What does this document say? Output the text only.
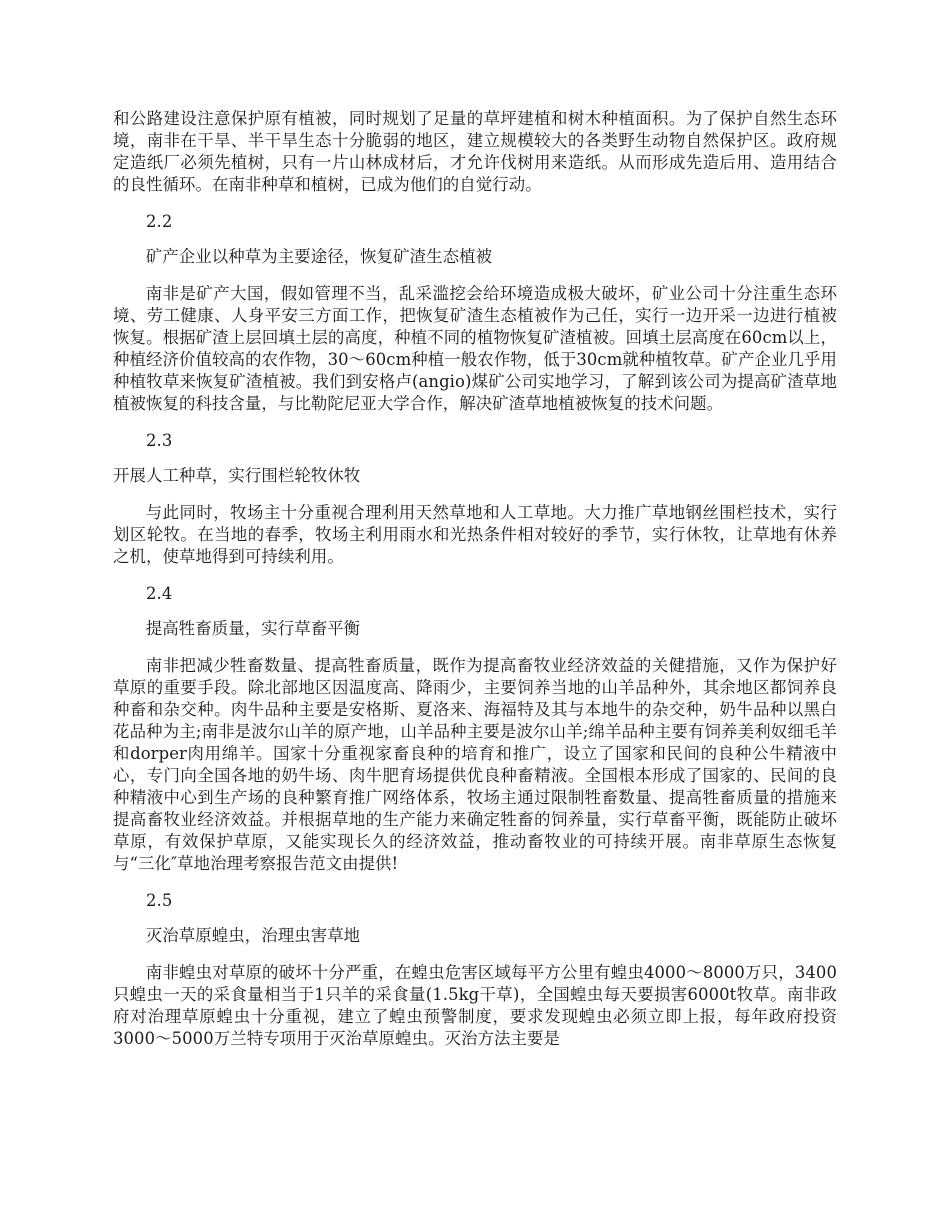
和公路建设注意保护原有植被，同时规划了足量的草坪建植和树木种植面积。为了保护自然生态环境，南非在干旱、半干旱生态十分脆弱的地区，建立规模较大的各类野生动物自然保护区。政府规定造纸厂必须先植树，只有一片山林成材后，才允许伐树用来造纸。从而形成先造后用、造用结合的良性循环。在南非种草和植树，已成为他们的自觉行动。

2.2
矿产企业以种草为主要途径，恢复矿渣生态植被

南非是矿产大国，假如管理不当，乱采滥挖会给环境造成极大破坏，矿业公司十分注重生态环境、劳工健康、人身平安三方面工作，把恢复矿渣生态植被作为己任，实行一边开采一边进行植被恢复。根据矿渣上层回填土层的高度，种植不同的植物恢复矿渣植被。回填土层高度在60cm以上，种植经济价值较高的农作物，30～60cm种植一般农作物，低于30cm就种植牧草。矿产企业几乎用种植牧草来恢复矿渣植被。我们到安格卢(angio)煤矿公司实地学习，了解到该公司为提高矿渣草地植被恢复的科技含量，与比勒陀尼亚大学合作，解决矿渣草地植被恢复的技术问题。

2.3
开展人工种草，实行围栏轮牧休牧

与此同时，牧场主十分重视合理利用天然草地和人工草地。大力推广草地钢丝围栏技术，实行划区轮牧。在当地的春季，牧场主利用雨水和光热条件相对较好的季节，实行休牧，让草地有休养之机，使草地得到可持续利用。

2.4
提高牲畜质量，实行草畜平衡

南非把减少牲畜数量、提高牲畜质量，既作为提高畜牧业经济效益的关健措施，又作为保护好草原的重要手段。除北部地区因温度高、降雨少，主要饲养当地的山羊品种外，其余地区都饲养良种畜和杂交种。肉牛品种主要是安格斯、夏洛来、海福特及其与本地牛的杂交种，奶牛品种以黑白花品种为主;南非是波尔山羊的原产地，山羊品种主要是波尔山羊;绵羊品种主要有饲养美利奴细毛羊和dorper肉用绵羊。国家十分重视家畜良种的培育和推广，设立了国家和民间的良种公牛精液中心，专门向全国各地的奶牛场、肉牛肥育场提供优良种畜精液。全国根本形成了国家的、民间的良种精液中心到生产场的良种繁育推广网络体系，牧场主通过限制牲畜数量、提高牲畜质量的措施来提高畜牧业经济效益。并根据草地的生产能力来确定牲畜的饲养量，实行草畜平衡，既能防止破坏草原，有效保护草原，又能实现长久的经济效益，推动畜牧业的可持续开展。南非草原生态恢复与“三化″草地治理考察报告范文由提供!

2.5
灭治草原蝗虫，治理虫害草地

南非蝗虫对草原的破坏十分严重，在蝗虫危害区域每平方公里有蝗虫4000～8000万只，3400只蝗虫一天的采食量相当于1只羊的采食量(1.5kg干草)，全国蝗虫每天要损害6000t牧草。南非政府对治理草原蝗虫十分重视，建立了蝗虫预警制度，要求发现蝗虫必须立即上报，每年政府投资3000～5000万兰特专项用于灭治草原蝗虫。灭治方法主要是
